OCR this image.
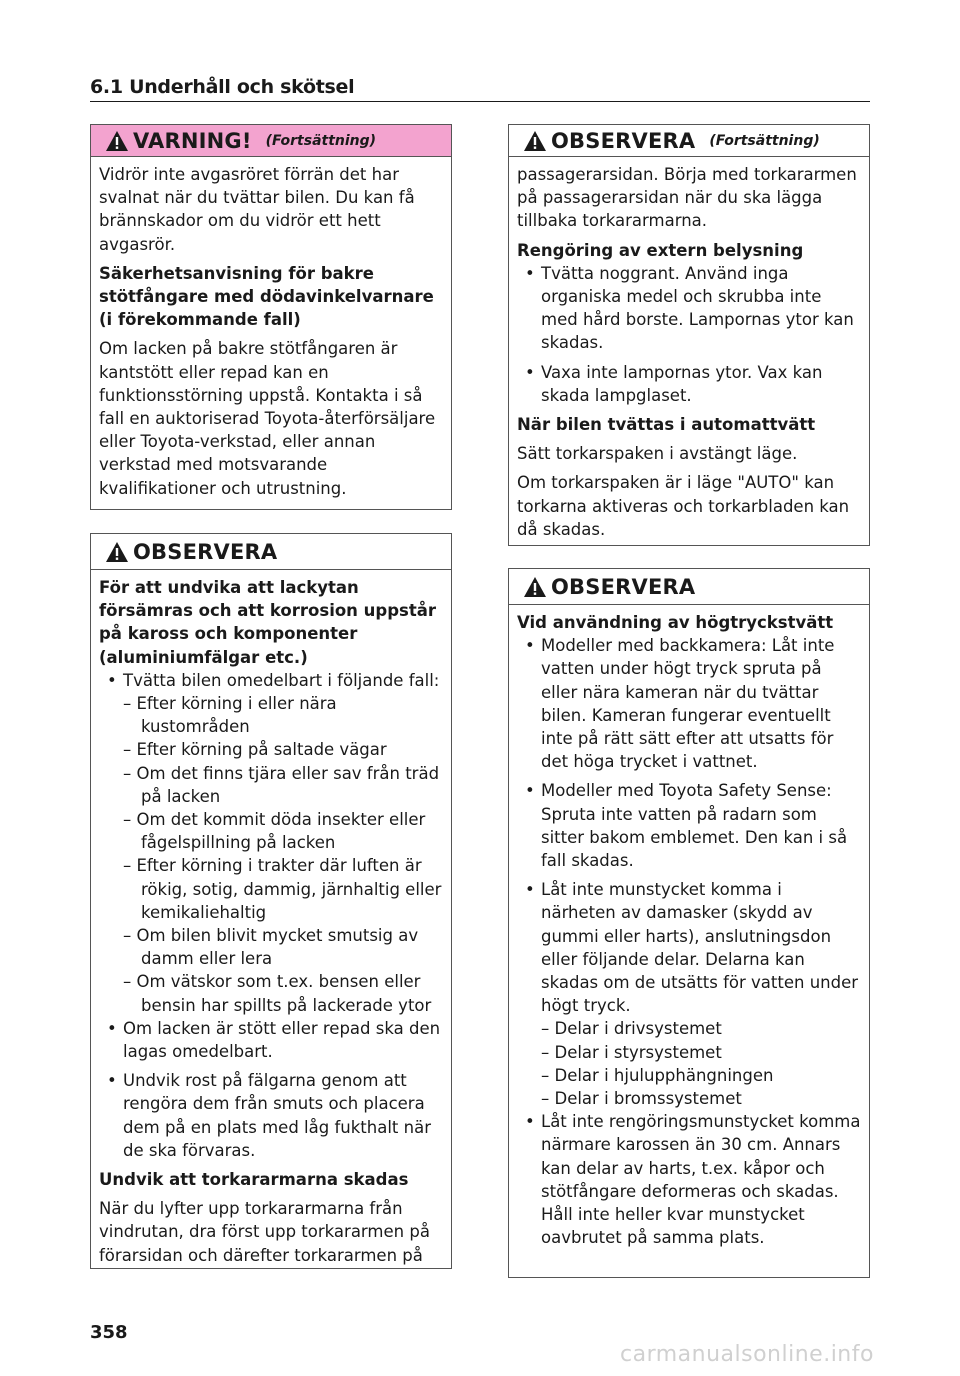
6.1 Underhåll och skötsel
VARNING! (Fortsättning)

Vidrör inte avgasröret förrän det har svalnat när du tvättar bilen. Du kan få brännskador om du vidrör ett hett avgasrör.

Säkerhetsanvisning för bakre stötfångare med dödavinkelvarnare (i förekommande fall)

Om lacken på bakre stötfångaren är kantstött eller repad kan en funktionsstörning uppstå. Kontakta i så fall en auktoriserad Toyota-återförsäljare eller Toyota-verkstad, eller annan verkstad med motsvarande kvalifikationer och utrustning.

OBSERVERA

För att undvika att lackytan försämras och att korrosion uppstår på kaross och komponenter (aluminiumfälgar etc.)

• Tvätta bilen omedelbart i följande fall:
– Efter körning i eller nära kustområden
– Efter körning på saltade vägar
– Om det finns tjära eller sav från träd på lacken
– Om det kommit döda insekter eller fågelspillning på lacken
– Efter körning i trakter där luften är rökig, sotig, dammig, järnhaltig eller kemikaliehaltig
– Om bilen blivit mycket smutsig av damm eller lera
– Om vätskor som t.ex. bensen eller bensin har spillts på lackerade ytor
• Om lacken är stött eller repad ska den lagas omedelbart.
• Undvik rost på fälgarna genom att rengöra dem från smuts och placera dem på en plats med låg fukthalt när de ska förvaras.

Undvik att torkararmarna skadas

När du lyfter upp torkararmarna från vindrutan, dra först upp torkararmen på förarsidan och därefter torkararmen på

OBSERVERA (Fortsättning)

passagerarsidan. Börja med torkararmen på passagerarsidan när du ska lägga tillbaka torkararmarna.

Rengöring av extern belysning

• Tvätta noggrant. Använd inga organiska medel och skrubba inte med hård borste. Lampornas ytor kan skadas.
• Vaxa inte lampornas ytor. Vax kan skada lampglaset.

När bilen tvättas i automattvätt

Sätt torkarspaken i avstängt läge.

Om torkarspaken är i läge "AUTO" kan torkarna aktiveras och torkarbladen kan då skadas.

OBSERVERA

Vid användning av högtryckstvätt

• Modeller med backkamera: Låt inte vatten under högt tryck spruta på eller nära kameran när du tvättar bilen. Kameran fungerar eventuellt inte på rätt sätt efter att utsatts för det höga trycket i vattnet.
• Modeller med Toyota Safety Sense: Spruta inte vatten på radarn som sitter bakom emblemet. Den kan i så fall skadas.
• Låt inte munstycket komma i närheten av damasker (skydd av gummi eller harts), anslutningsdon eller följande delar. Delarna kan skadas om de utsätts för vatten under högt tryck.
– Delar i drivsystemet
– Delar i styrsystemet
– Delar i hjulupphängningen
– Delar i bromssystemet
• Låt inte rengöringsmunstycket komma närmare karossen än 30 cm. Annars kan delar av harts, t.ex. kåpor och stötfångare deformeras och skadas. Håll inte heller kvar munstycket oavbrutet på samma plats.
358
carmanualsonline.info
